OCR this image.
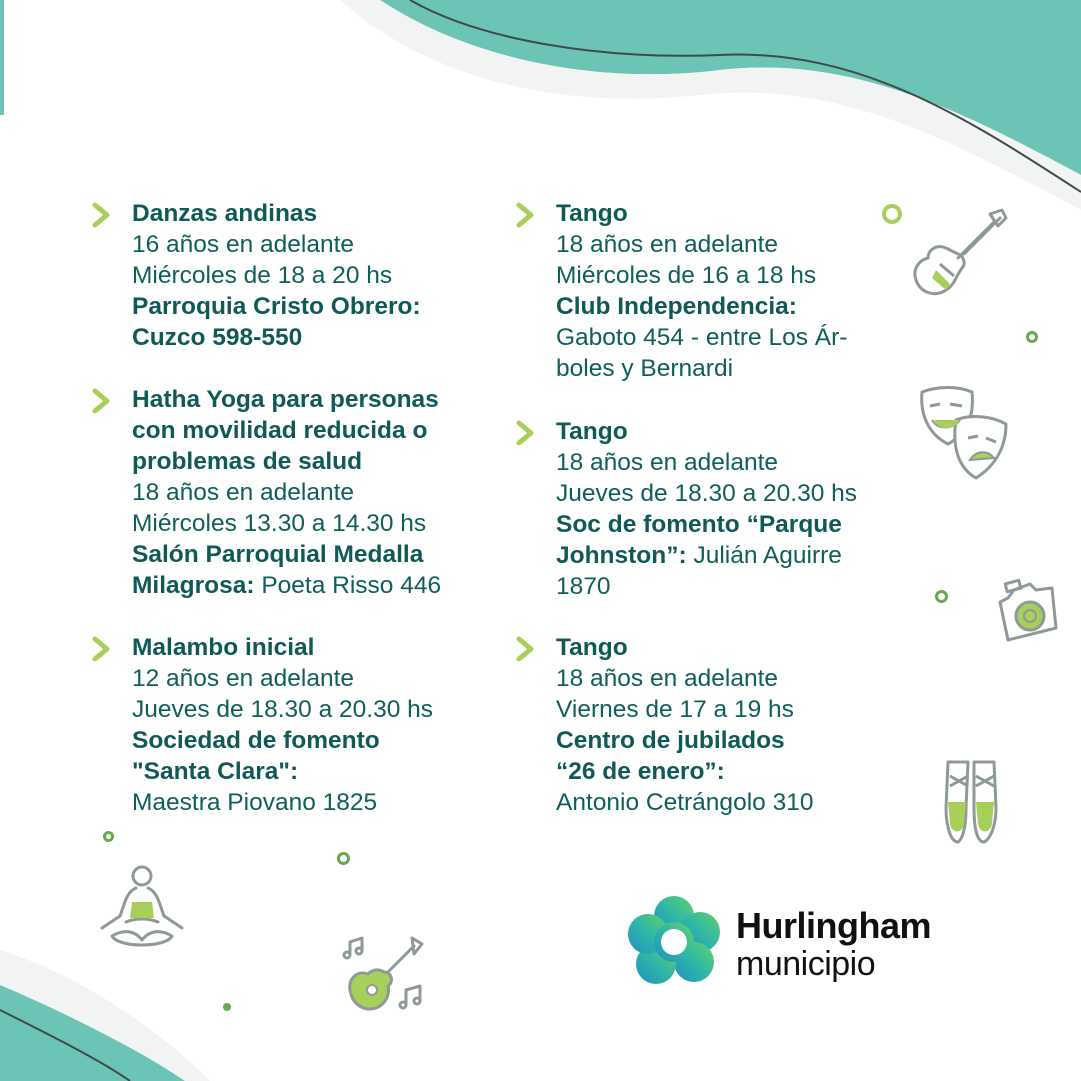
Danzas andinas
16 años en adelante
Miércoles de 18 a 20 hs
Parroquia Cristo Obrero:
Cuzco 598-550
Hatha Yoga para personas
con movilidad reducida o
problemas de salud
18 años en adelante
Miércoles 13.30 a 14.30 hs
Salón Parroquial Medalla
Milagrosa: Poeta Risso 446
Malambo inicial
12 años en adelante
Jueves de 18.30 a 20.30 hs
Sociedad de fomento
"Santa Clara":
Maestra Piovano 1825
Tango
18 años en adelante
Miércoles de 16 a 18 hs
Club Independencia:
Gaboto 454 - entre Los Ár-
boles y Bernardi
Tango
18 años en adelante
Jueves de 18.30 a 20.30 hs
Soc de fomento “Parque
Johnston”: Julián Aguirre
1870
Tango
18 años en adelante
Viernes de 17 a 19 hs
Centro de jubilados
“26 de enero”:
Antonio Cetrángolo 310
Hurlingham
municipio
